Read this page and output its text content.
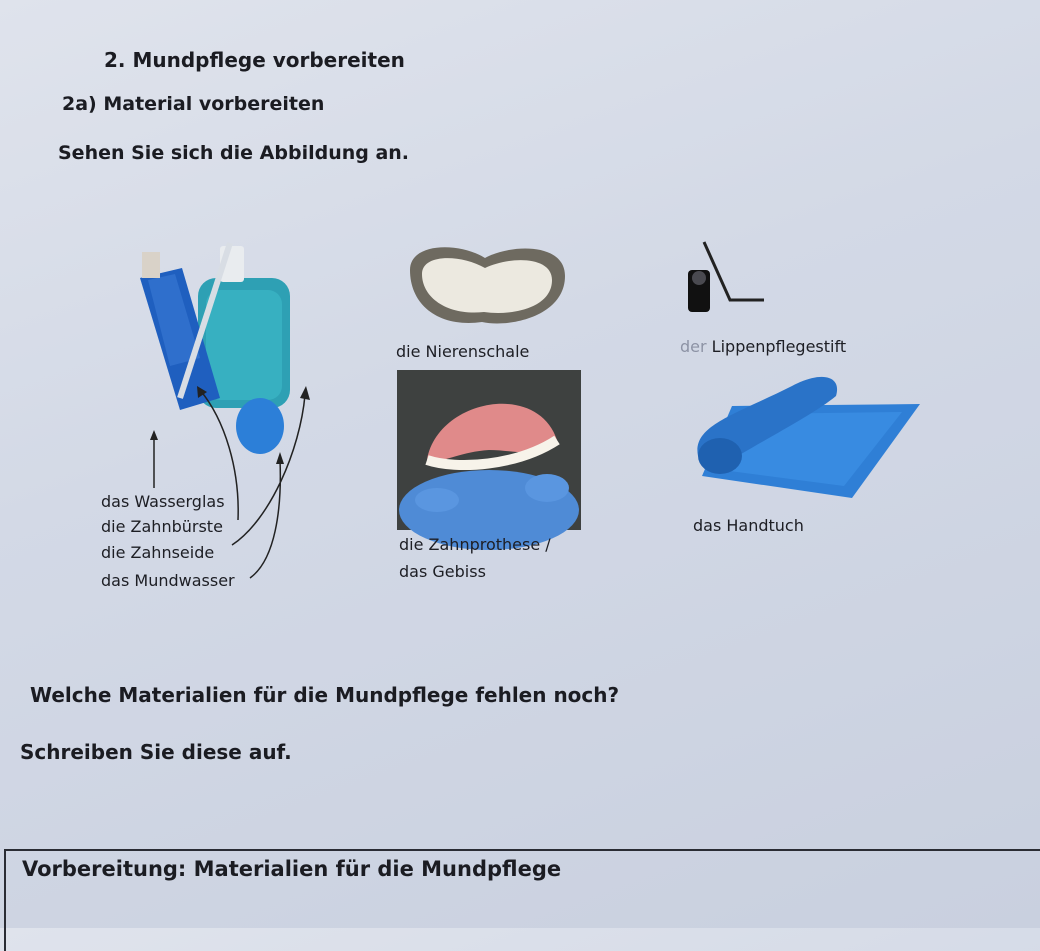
2. Mundpflege vorbereiten
2a) Material vorbereiten
Sehen Sie sich die Abbildung an.
das Wasserglas
die Zahnbürste
die Zahnseide
das Mundwasser
die Nierenschale	der Lippenpflegestift
die Zahnprothese /
das Gebiss
das Handtuch
Welche Materialien für die Mundpflege fehlen noch?
Schreiben Sie diese auf.
Vorbereitung: Materialien für die Mundpflege
